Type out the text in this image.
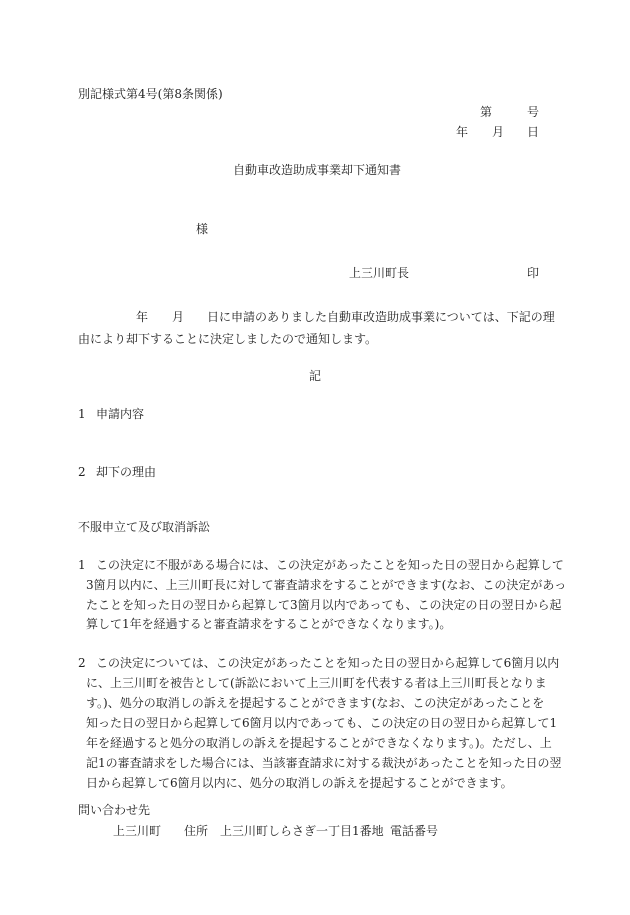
別記様式第4号(第8条関係)
第	号
年 月 日
自動車改造助成事業却下通知書
様
上三川町長	印
年 月 日に申請のありました自動車改造助成事業については、下記の理
由により却下することに決定しましたので通知します。
記
1 申請内容
2 却下の理由
不服申立て及び取消訴訟
1 この決定に不服がある場合には、この決定があったことを知った日の翌日から起算して
3箇月以内に、上三川町長に対して審査請求をすることができます(なお、この決定があっ
たことを知った日の翌日から起算して3箇月以内であっても、この決定の日の翌日から起
算して1年を経過すると審査請求をすることができなくなります。)。
2 この決定については、この決定があったことを知った日の翌日から起算して6箇月以内
に、上三川町を被告として(訴訟において上三川町を代表する者は上三川町長となりま
す。)、処分の取消しの訴えを提起することができます(なお、この決定があったことを
知った日の翌日から起算して6箇月以内であっても、この決定の日の翌日から起算して1
年を経過すると処分の取消しの訴えを提起することができなくなります。)。ただし、上
記1の審査請求をした場合には、当該審査請求に対する裁決があったことを知った日の翌
日から起算して6箇月以内に、処分の取消しの訴えを提起することができます。
問い合わせ先
上三川町 住所 上三川町しらさぎ一丁目1番地 電話番号
